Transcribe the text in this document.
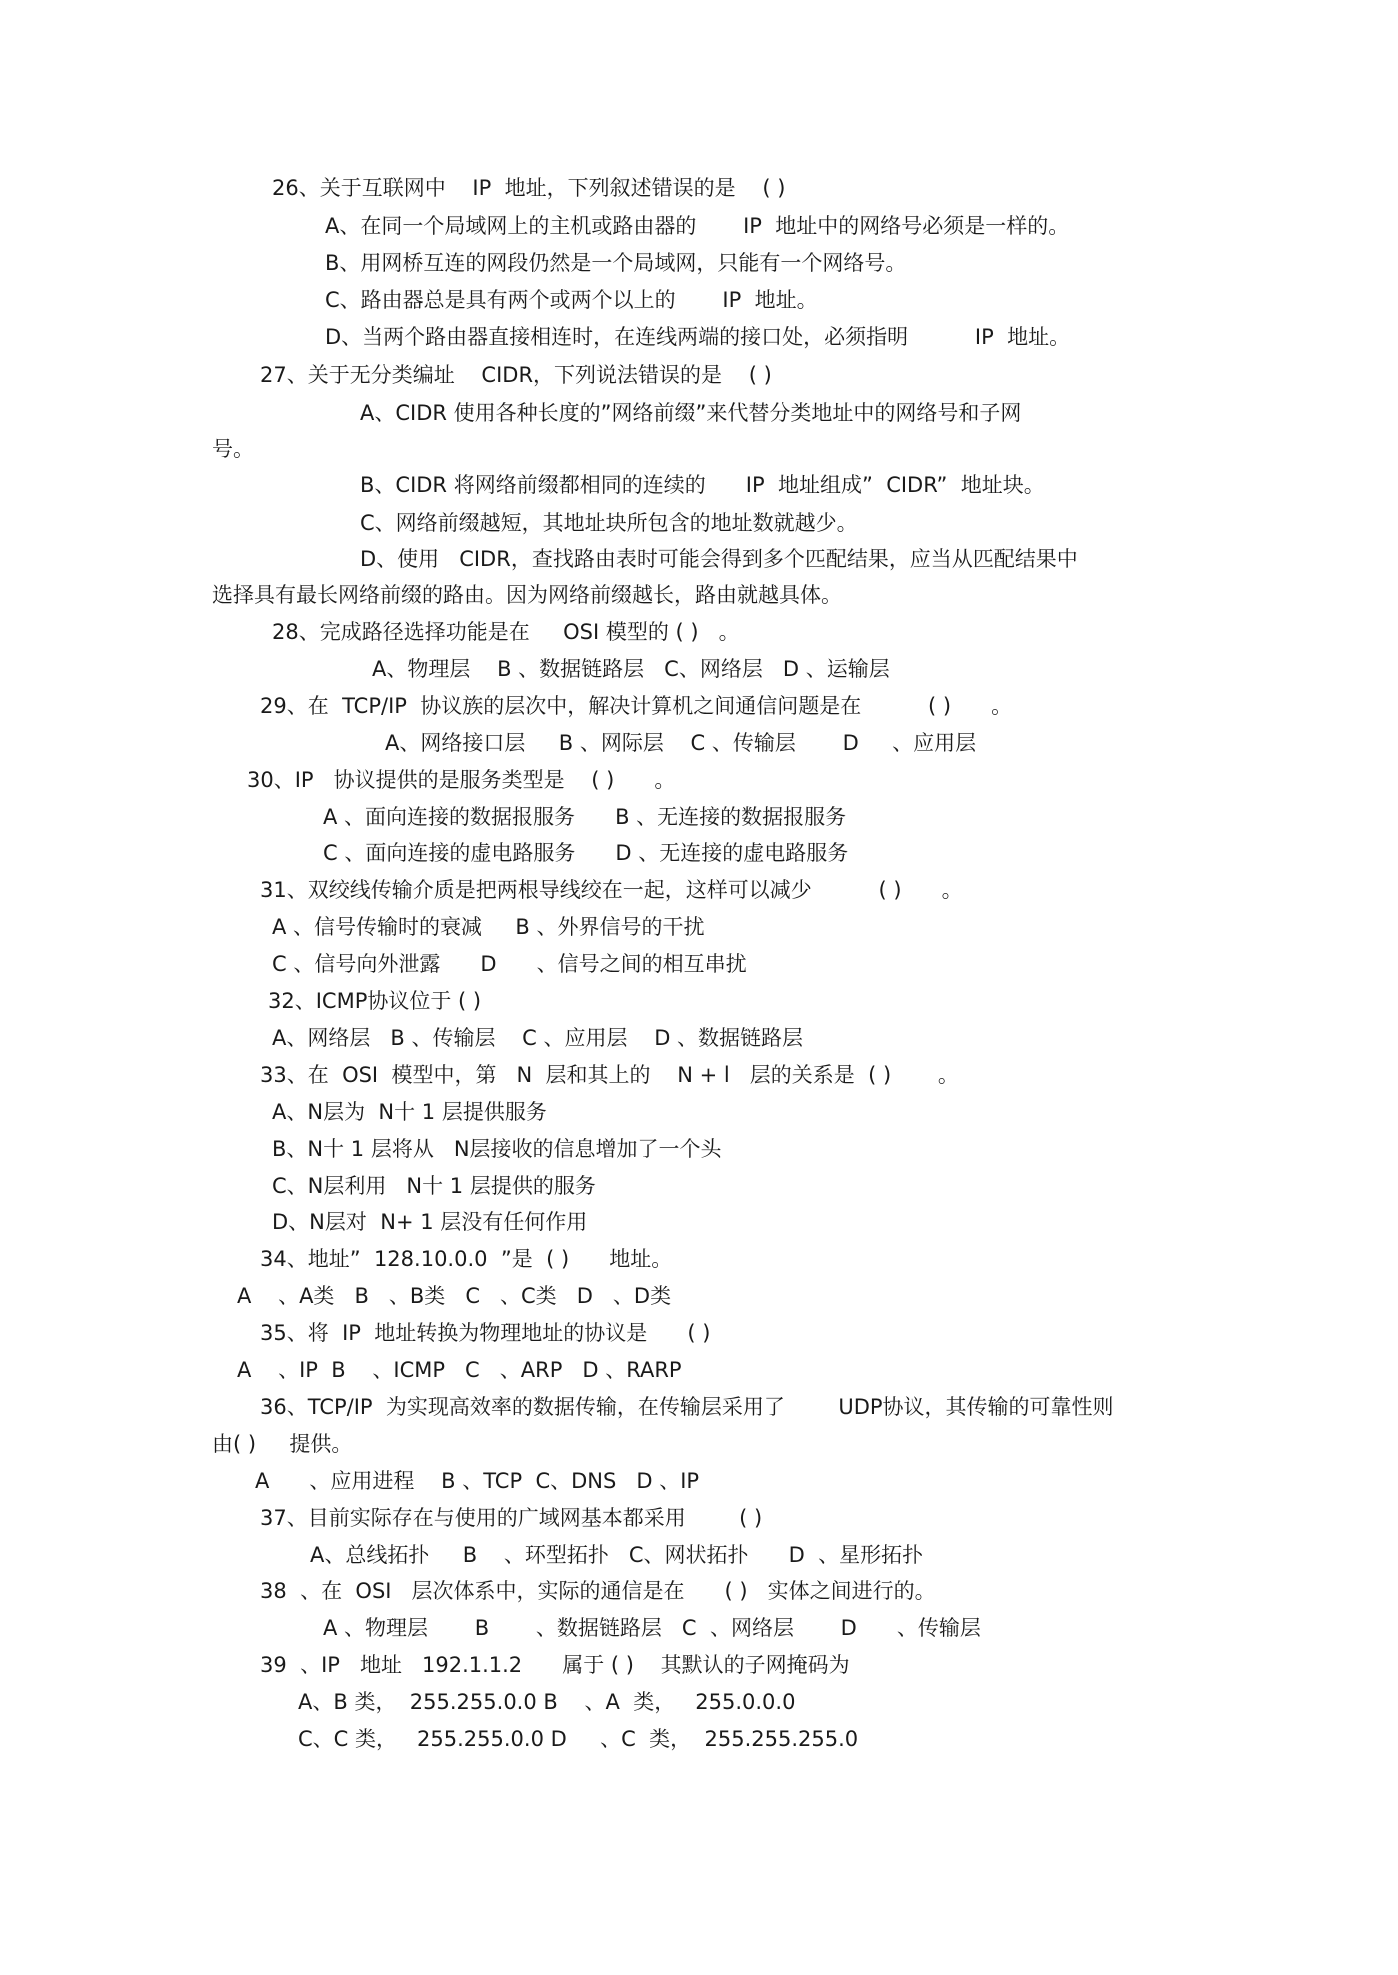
26、关于互联网中    IP  地址，下列叙述错误的是    ( )
A、在同一个局域网上的主机或路由器的       IP  地址中的网络号必须是一样的。
B、用网桥互连的网段仍然是一个局域网，只能有一个网络号。
C、路由器总是具有两个或两个以上的       IP  地址。
D、当两个路由器直接相连时，在连线两端的接口处，必须指明          IP  地址。
27、关于无分类编址    CIDR，下列说法错误的是    ( )
A、CIDR 使用各种长度的”网络前缀”来代替分类地址中的网络号和子网
号。
B、CIDR 将网络前缀都相同的连续的      IP  地址组成”  CIDR”  地址块。
C、网络前缀越短，其地址块所包含的地址数就越少。
D、使用   CIDR，查找路由表时可能会得到多个匹配结果，应当从匹配结果中
选择具有最长网络前缀的路由。因为网络前缀越长，路由就越具体。
28、完成路径选择功能是在     OSI 模型的 ( )   。
A、物理层    B 、数据链路层   C、网络层   D 、运输层
29、在  TCP/IP  协议族的层次中，解决计算机之间通信问题是在          ( )      。
A、网络接口层     B 、网际层    C 、传输层       D     、应用层
30、IP   协议提供的是服务类型是    ( )      。
A 、面向连接的数据报服务      B 、无连接的数据报服务
C 、面向连接的虚电路服务      D 、无连接的虚电路服务
31、双绞线传输介质是把两根导线绞在一起，这样可以减少          ( )      。
A 、信号传输时的衰减     B 、外界信号的干扰
C 、信号向外泄露      D      、信号之间的相互串扰
32、ICMP协议位于 ( )
A、网络层   B 、传输层    C 、应用层    D 、数据链路层
33、在  OSI  模型中，第   N  层和其上的    N + l   层的关系是  ( )       。
A、N层为  N十 1 层提供服务
B、N十 1 层将从   N层接收的信息增加了一个头
C、N层利用   N十 1 层提供的服务
D、N层对  N+ 1 层没有任何作用
34、地址”  128.10.0.0  ”是  ( )      地址。
A    、A类   B   、B类   C   、C类   D   、D类
35、将  IP  地址转换为物理地址的协议是      ( )
A    、IP  B    、ICMP   C   、ARP   D 、RARP
36、TCP/IP  为实现高效率的数据传输，在传输层采用了        UDP协议，其传输的可靠性则
由( )     提供。
A      、应用进程    B 、TCP  C、DNS   D 、IP
37、目前实际存在与使用的广域网基本都采用        ( )
A、总线拓扑     B    、环型拓扑   C、网状拓扑      D  、星形拓扑
38  、在  OSI   层次体系中，实际的通信是在      ( )   实体之间进行的。
A 、物理层       B       、数据链路层   C  、网络层       D      、传输层
39  、IP   地址   192.1.1.2      属于 ( )    其默认的子网掩码为
A、B 类，  255.255.0.0 B    、A  类，   255.0.0.0
C、C 类，   255.255.0.0 D     、C  类，  255.255.255.0
